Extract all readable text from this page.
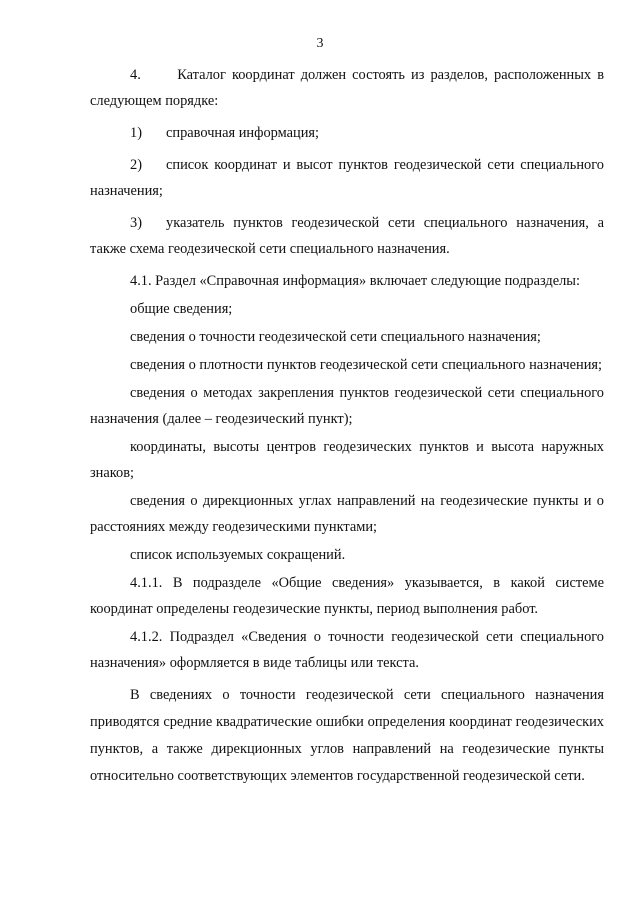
3

4.      Каталог координат должен состоять из разделов, расположенных в следующем порядке:

1)	справочная информация;

2) список координат и высот пунктов геодезической сети специального назначения;

3) указатель пунктов геодезической сети специального назначения, а также схема геодезической сети специального назначения.

4.1. Раздел «Справочная информация» включает следующие подразделы:

общие сведения;

сведения о точности геодезической сети специального назначения;

сведения о плотности пунктов геодезической сети специального назначения;

сведения о методах закрепления пунктов геодезической сети специального назначения (далее – геодезический пункт);

координаты, высоты центров геодезических пунктов и высота наружных знаков;

сведения о дирекционных углах направлений на геодезические пункты и о расстояниях между геодезическими пунктами;

список используемых сокращений.

4.1.1. В подразделе «Общие сведения» указывается, в какой системе координат определены геодезические пункты, период выполнения работ.

4.1.2. Подраздел «Сведения о точности геодезической сети специального назначения» оформляется в виде таблицы или текста.

В сведениях о точности геодезической сети специального назначения приводятся средние квадратические ошибки определения координат геодезических пунктов, а также дирекционных углов направлений на геодезические пункты относительно соответствующих элементов государственной геодезической сети.
